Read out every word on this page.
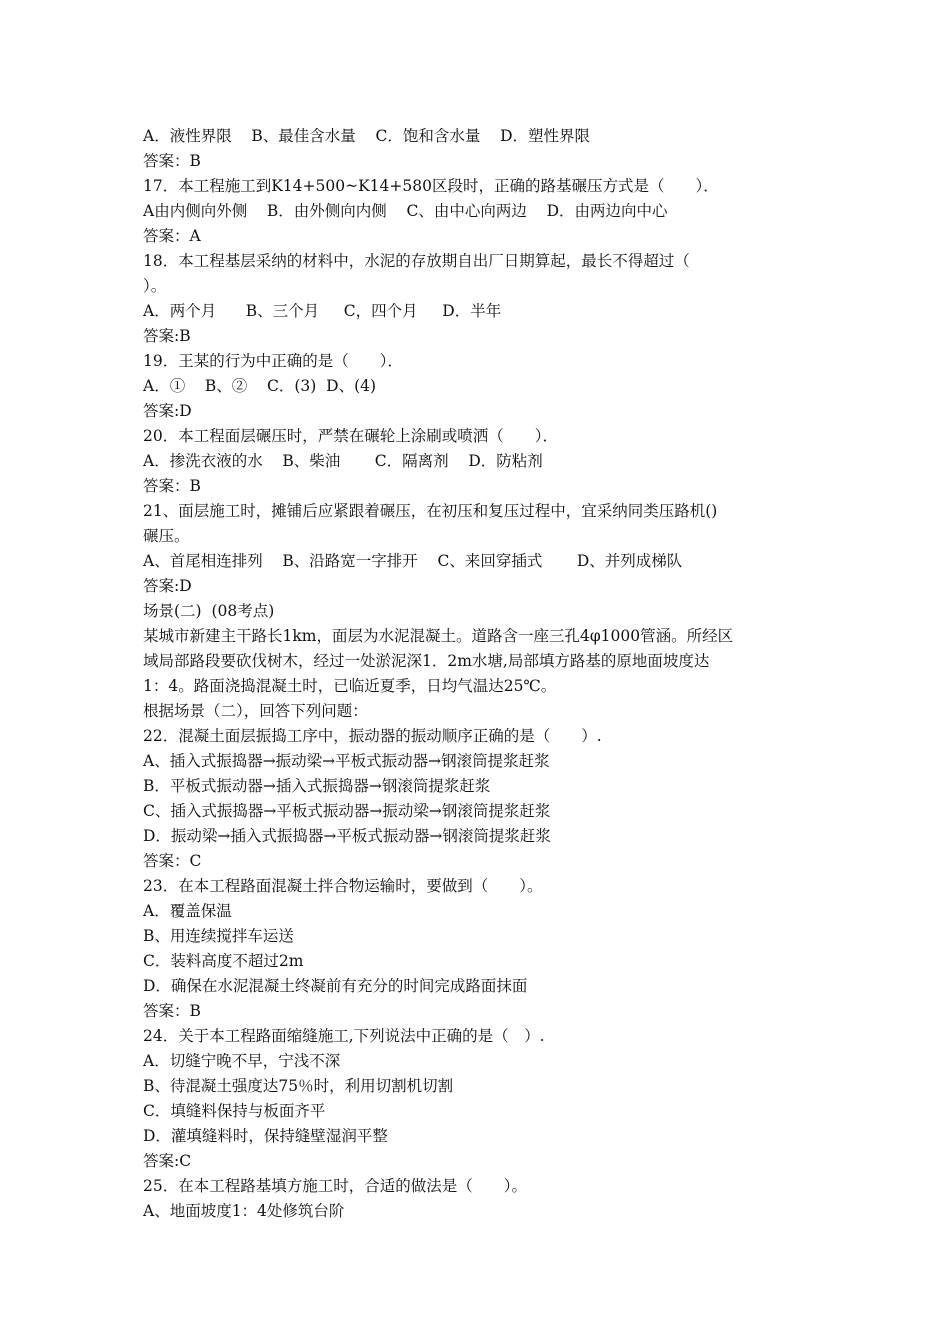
A．液性界限    B、最佳含水量    C．饱和含水量    D．塑性界限
答案：B
17．本工程施工到K14+500~K14+580区段时，正确的路基碾压方式是（　　）．
A由内侧向外侧    B．由外侧向内侧    C、由中心向两边    D．由两边向中心
答案：A
18．本工程基层采纳的材料中，水泥的存放期自出厂日期算起，最长不得超过（
）。
A．两个月      B、三个月     C，四个月     D．半年
答案:B
19．王某的行为中正确的是（　　）．
A．①    B、②    C．(3)  D、(4)
答案:D
20．本工程面层碾压时，严禁在碾轮上涂刷或喷洒（　　）．
A．掺洗衣液的水    B、柴油       C．隔离剂    D．防粘剂
答案：B
21、面层施工时，摊铺后应紧跟着碾压，在初压和复压过程中，宜采纳同类压路机()
碾压。
A、首尾相连排列    B、沿路宽一字排开    C、来回穿插式       D、并列成梯队
答案:D
场景(二)  (08考点)
某城市新建主干路长1km，面层为水泥混凝土。道路含一座三孔4φ1000管涵。所经区
域局部路段要砍伐树木，经过一处淤泥深1．2m水塘,局部填方路基的原地面坡度达
1：4。路面浇捣混凝土时，已临近夏季，日均气温达25℃。
根据场景（二），回答下列问题：
22．混凝土面层振捣工序中，振动器的振动顺序正确的是（　　）.
A、插入式振捣器→振动梁→平板式振动器→钢滚筒提浆赶浆
B．平板式振动器→插入式振捣器→钢滚筒提浆赶浆
C、插入式振捣器→平板式振动器→振动梁→钢滚筒提浆赶浆
D．振动梁→插入式振捣器→平板式振动器→钢滚筒提浆赶浆
答案：C
23．在本工程路面混凝土拌合物运输时，要做到（　　）。
A．覆盖保温
B、用连续搅拌车运送
C．装料高度不超过2m
D．确保在水泥混凝土终凝前有充分的时间完成路面抹面
答案：B
24．关于本工程路面缩缝施工,下列说法中正确的是（　）.
A．切缝宁晚不早，宁浅不深
B、待混凝土强度达75％时，利用切割机切割
C．填缝料保持与板面齐平
D．灌填缝料时，保持缝壁湿润平整
答案:C
25．在本工程路基填方施工时，合适的做法是（　　）。
A、地面坡度1：4处修筑台阶
